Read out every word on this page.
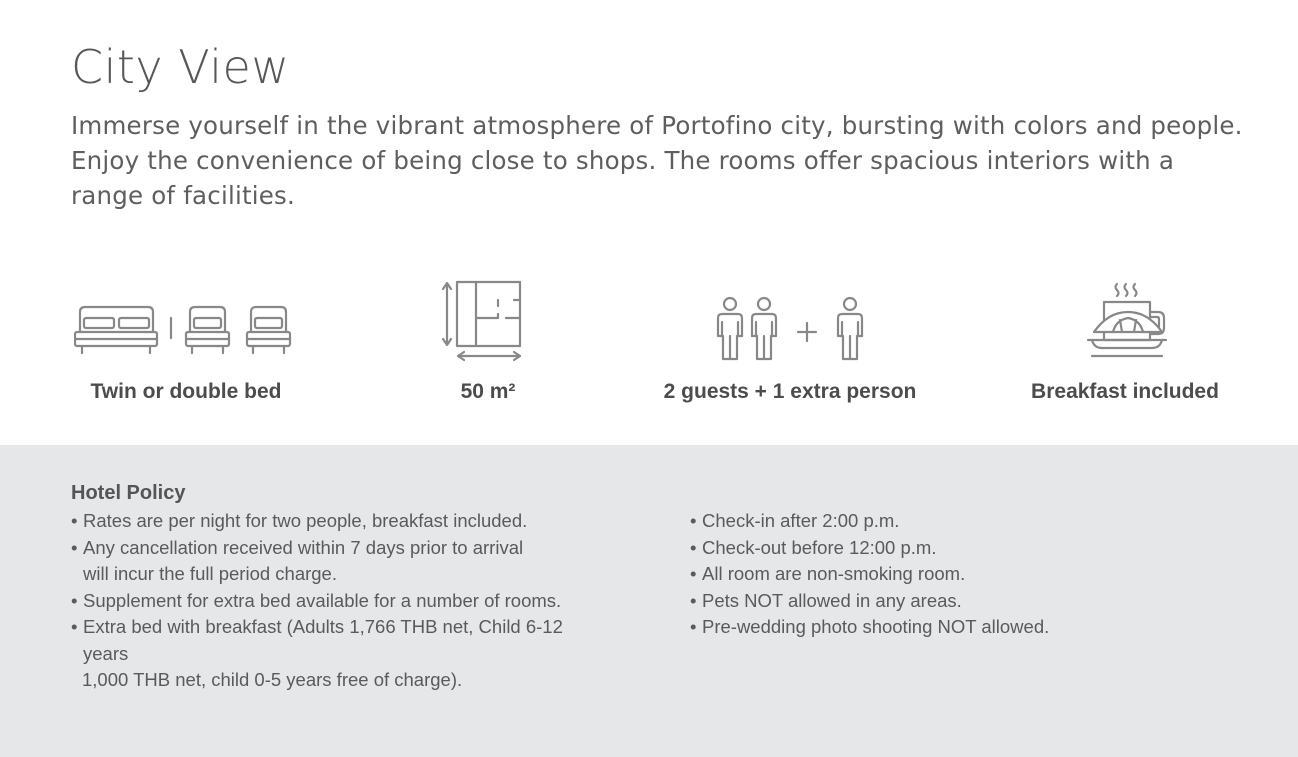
City View

Immerse yourself in the vibrant atmosphere of Portofino city, bursting with colors and people. Enjoy the convenience of being close to shops. The rooms offer spacious interiors with a range of facilities.

Twin or double bed	50 m²	2 guests + 1 extra person	Breakfast included
Hotel Policy
• Rates are per night for two people, breakfast included.
• Any cancellation received within 7 days prior to arrival
will incur the full period charge.
• Supplement for extra bed available for a number of rooms.
• Extra bed with breakfast (Adults 1,766 THB net, Child 6-12
years
1,000 THB net, child 0-5 years free of charge).
• Check-in after 2:00 p.m.
• Check-out before 12:00 p.m.
• All room are non-smoking room.
• Pets NOT allowed in any areas.
• Pre-wedding photo shooting NOT allowed.
